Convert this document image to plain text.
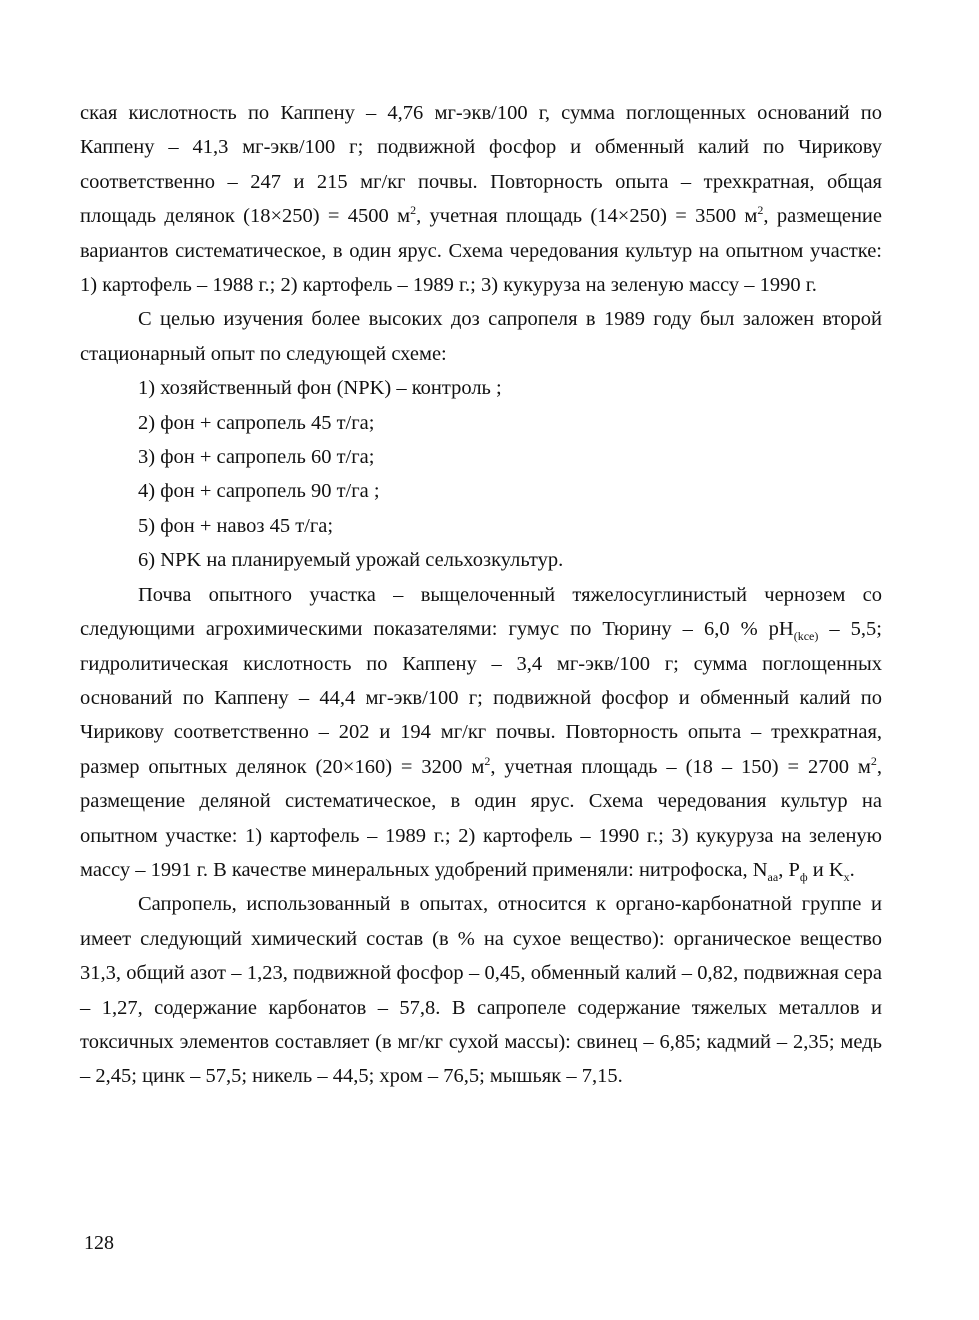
ская кислотность по Каппену – 4,76 мг-экв/100 г, сумма поглощенных оснований по Каппену – 41,3 мг-экв/100 г; подвижной фосфор и обменный калий по Чирикову соответственно – 247 и 215 мг/кг почвы. Повторность опыта – трехкратная, общая площадь делянок (18×250) = 4500 $м^2$, учетная площадь (14×250) = 3500 $м^2$, размещение вариантов систематическое, в один ярус. Схема чередования культур на опытном участке: 1) картофель – 1988 г.; 2) картофель – 1989 г.; 3) кукуруза на зеленую массу – 1990 г.

С целью изучения более высоких доз сапропеля в 1989 году был заложен второй стационарный опыт по следующей схеме:

1) хозяйственный фон (NPK) – контроль ;
2) фон + сапропель 45 т/га;
3) фон + сапропель 60 т/га;
4) фон + сапропель 90 т/га ;
5) фон + навоз 45 т/га;
6) NPK на планируемый урожай сельхозкультур.

Почва опытного участка – выщелоченный тяжелосуглинистый чернозем со следующими агрохимическими показателями: гумус по Тюрину – 6,0 % $pH_{(kce)} - 5,5$; гидролитическая кислотность по Каппену – 3,4 мг-экв/100 г; сумма поглощенных оснований по Каппену – 44,4 мг-экв/100 г; подвижной фосфор и обменный калий по Чирикову соответственно – 202 и 194 мг/кг почвы. Повторность опыта – трехкратная, размер опытных делянок (20×160) = 3200 $м^2$, учетная площадь – (18 – 150) = 2700 $м^2$, размещение деляной систематическое, в один ярус. Схема чередования культур на опытном участке: 1) картофель – 1989 г.; 2) картофель – 1990 г.; 3) кукуруза на зеленую массу – 1991 г. В качестве минеральных удобрений применяли: нитрофоска, $N_{аа}$, $P_ф$ и $K_х$.

Сапропель, использованный в опытах, относится к органо-карбонатной группе и имеет следующий химический состав (в % на сухое вещество): органическое вещество 31,3, общий азот – 1,23, подвижной фосфор – 0,45, обменный калий – 0,82, подвижная сера – 1,27, содержание карбонатов – 57,8. В сапропеле содержание тяжелых металлов и токсичных элементов составляет (в мг/кг сухой массы): свинец – 6,85; кадмий – 2,35; медь – 2,45; цинк – 57,5; никель – 44,5; хром – 76,5; мышьяк – 7,15.

128
